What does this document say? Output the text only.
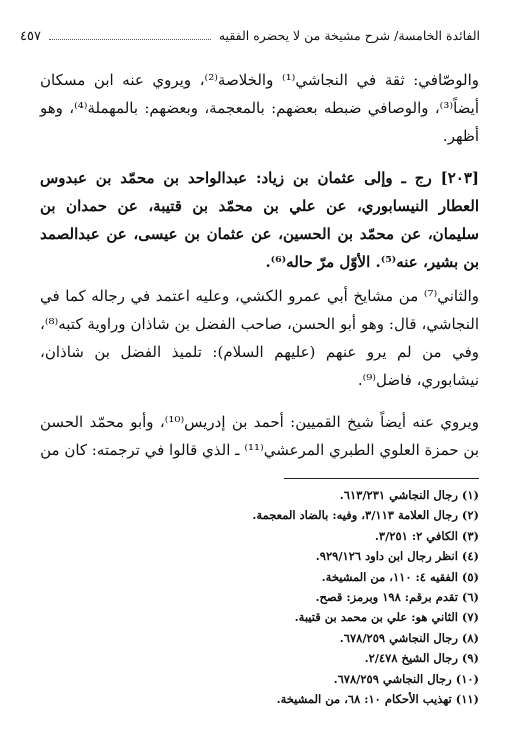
الفائدة الخامسة/ شرح مشيخة من لا يحضره الفقيه
٤٥٧

والوصّافي: ثقة في النجاشي⁽¹⁾ والخلاصة⁽²⁾، ويروي عنه ابن مسكان أيضاً⁽³⁾، والوصافي ضبطه بعضهم: بالمعجمة، وبعضهم: بالمهملة⁽⁴⁾، وهو أظهر.

[٢٠٣] رج ـ وإلى عثمان بن زياد: عبدالواحد بن محمّد بن عبدوس العطار النيسابوري، عن علي بن محمّد بن قتيبة، عن حمدان بن سليمان، عن محمّد بن الحسين، عن عثمان بن عيسى، عن عبدالصمد بن بشير، عنه⁽⁵⁾. الأوّل مرّ حاله⁽⁶⁾.

والثاني⁽⁷⁾ من مشايخ أبي عمرو الكشي، وعليه اعتمد في رجاله كما في النجاشي، قال: وهو أبو الحسن، صاحب الفضل بن شاذان وراوية كتبه⁽⁸⁾، وفي من لم يرو عنهم (عليهم السلام): تلميذ الفضل بن شاذان، نيشابوري، فاضل⁽⁹⁾.

ويروي عنه أيضاً شيخ القميين: أحمد بن إدريس⁽¹⁰⁾، وأبو محمّد الحسن بن حمزة العلوي الطبري المرعشي⁽¹¹⁾ ـ الذي قالوا في ترجمته: كان من

(١) رجال النجاشي ٦١٣/٢٣١.
(٢) رجال العلامة ٣/١١٣، وفيه: بالضاد المعجمة.
(٣) الكافي ٢: ٣/٢٥١.
(٤) انظر رجال ابن داود ٩٢٩/١٢٦.
(٥) الفقيه ٤: ١١٠، من المشيخة.
(٦) تقدم برقم: ١٩٨ وبرمز: قصح.
(٧) الثاني هو: علي بن محمد بن قتيبة.
(٨) رجال النجاشي ٦٧٨/٢٥٩.
(٩) رجال الشيخ ٢/٤٧٨.
(١٠) رجال النجاشي ٦٧٨/٢٥٩.
(١١) تهذيب الأحكام ١٠: ٦٨، من المشيخة.
